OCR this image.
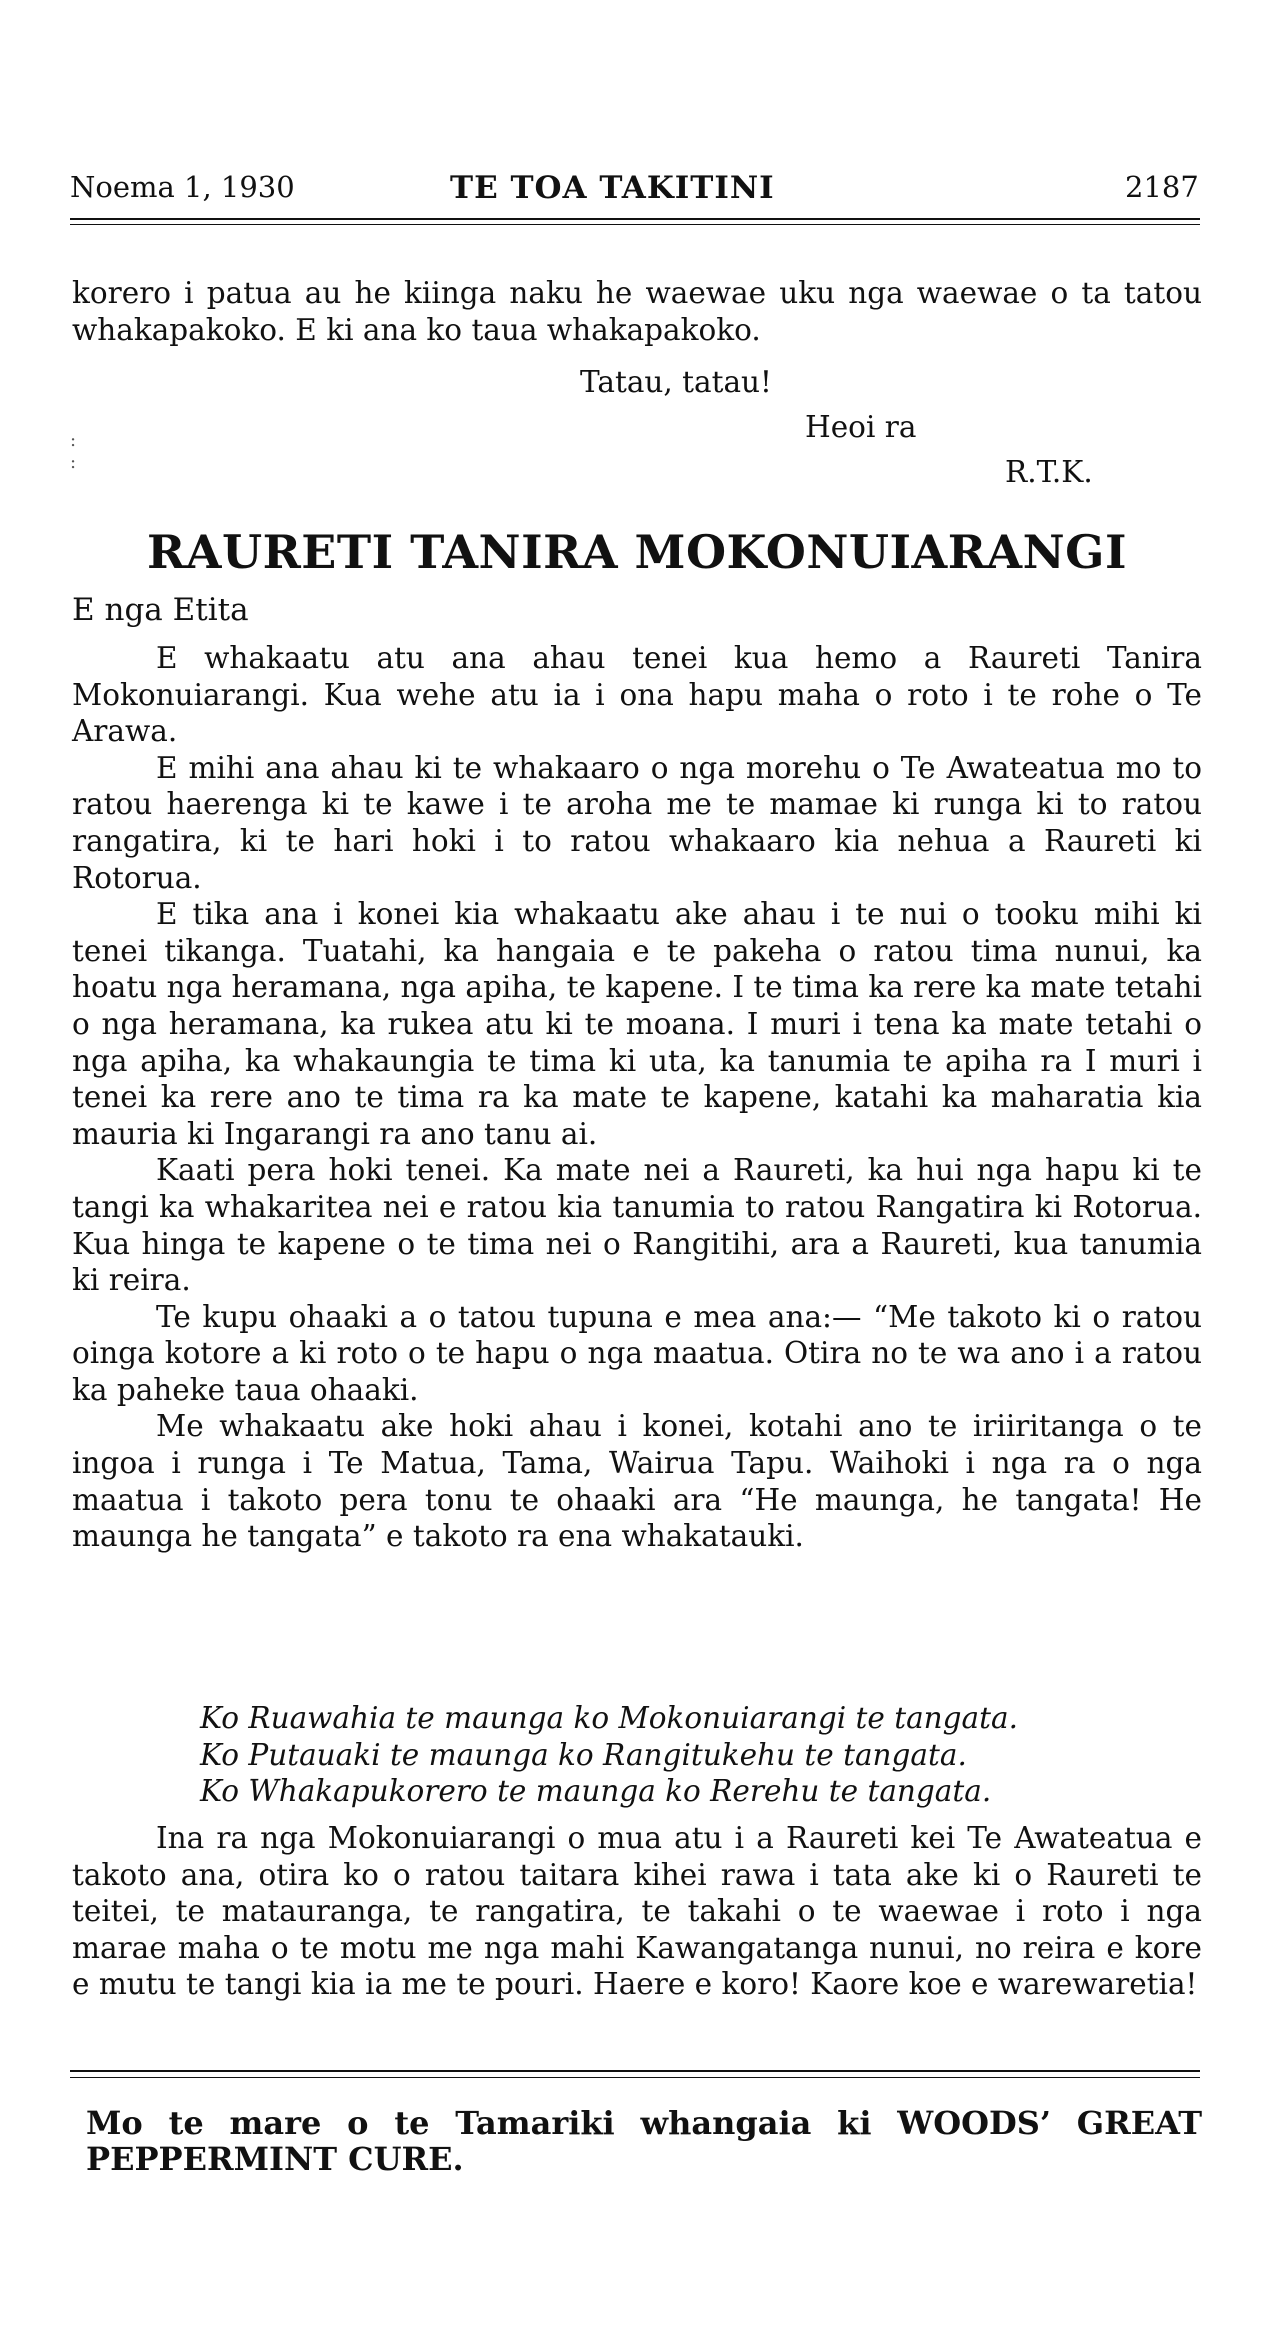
Noema 1, 1930	TE TOA TAKITINI	2187

korero i patua au he kiinga naku he waewae uku nga waewae o ta tatou whakapakoko. E ki ana ko taua whakapakoko.

Tatau, tatau!
Heoi ra
R.T.K.
:
:
RAURETI TANIRA MOKONUIARANGI
E nga Etita

E whakaatu atu ana ahau tenei kua hemo a Raureti Tanira Mokonuiarangi. Kua wehe atu ia i ona hapu maha o roto i te rohe o Te Arawa.

E mihi ana ahau ki te whakaaro o nga morehu o Te Awateatua mo to ratou haerenga ki te kawe i te aroha me te mamae ki runga ki to ratou rangatira, ki te hari hoki i to ratou whakaaro kia nehua a Raureti ki Rotorua.

E tika ana i konei kia whakaatu ake ahau i te nui o tooku mihi ki tenei tikanga. Tuatahi, ka hangaia e te pakeha o ratou tima nunui, ka hoatu nga heramana, nga apiha, te kapene. I te tima ka rere ka mate tetahi o nga heramana, ka rukea atu ki te moana. I muri i tena ka mate tetahi o nga apiha, ka whakaungia te tima ki uta, ka tanumia te apiha ra I muri i tenei ka rere ano te tima ra ka mate te kapene, katahi ka maharatia kia mauria ki Ingarangi ra ano tanu ai.

Kaati pera hoki tenei. Ka mate nei a Raureti, ka hui nga hapu ki te tangi ka whakaritea nei e ratou kia tanumia to ratou Rangatira ki Rotorua. Kua hinga te kapene o te tima nei o Rangitihi, ara a Raureti, kua tanumia ki reira.

Te kupu ohaaki a o tatou tupuna e mea ana:— “Me takoto ki o ratou oinga kotore a ki roto o te hapu o nga maatua. Otira no te wa ano i a ratou ka paheke taua ohaaki.

Me whakaatu ake hoki ahau i konei, kotahi ano te iriiritanga o te ingoa i runga i Te Matua, Tama, Wairua Tapu. Waihoki i nga ra o nga maatua i takoto pera tonu te ohaaki ara “He maunga, he tangata! He maunga he tangata” e takoto ra ena whakatauki.

Ko Ruawahia te maunga ko Mokonuiarangi te tangata.
Ko Putauaki te maunga ko Rangitukehu te tangata.
Ko Whakapukorero te maunga ko Rerehu te tangata.

Ina ra nga Mokonuiarangi o mua atu i a Raureti kei Te Awateatua e takoto ana, otira ko o ratou taitara kihei rawa i tata ake ki o Raureti te teitei, te matauranga, te rangatira, te takahi o te waewae i roto i nga marae maha o te motu me nga mahi Kawangatanga nunui, no reira e kore e mutu te tangi kia ia me te pouri. Haere e koro! Kaore koe e warewaretia!

Mo te mare o te Tamariki whangaia ki WOODS’ GREAT PEPPERMINT CURE.
